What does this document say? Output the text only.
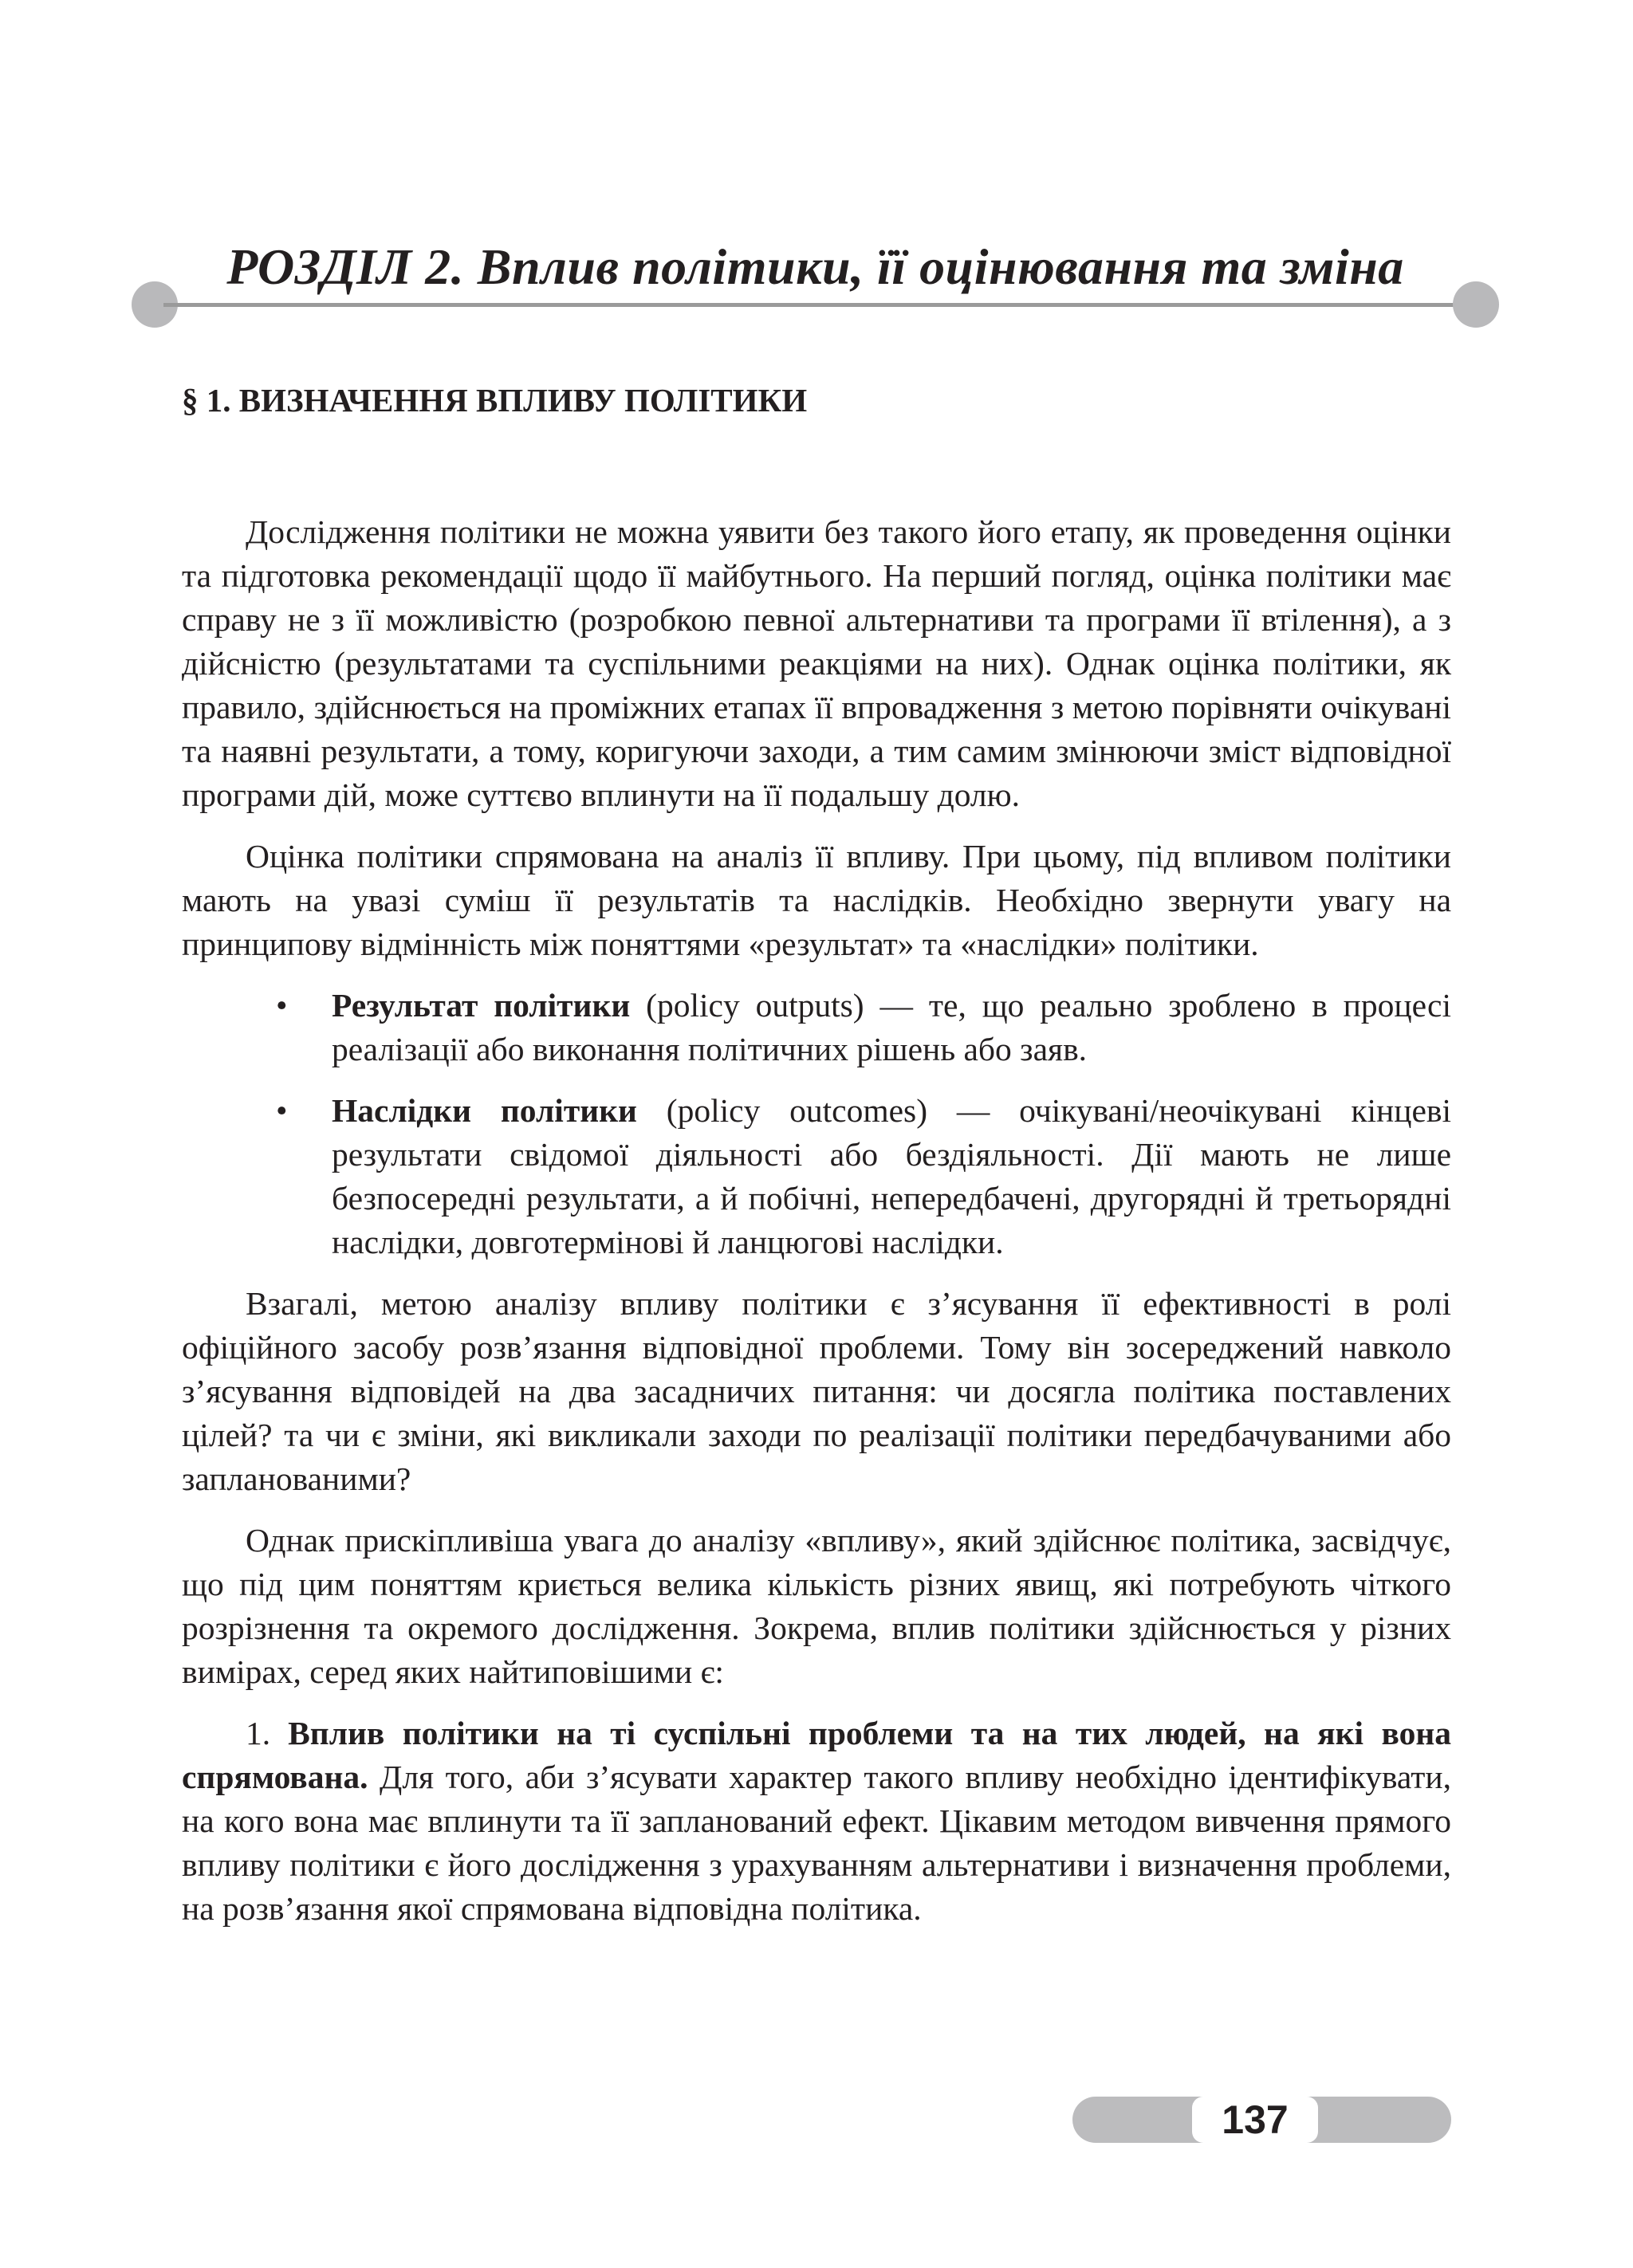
РОЗДІЛ 2. Вплив політики, її оцінювання та зміна
§ 1. ВИЗНАЧЕННЯ ВПЛИВУ ПОЛІТИКИ

Дослідження політики не можна уявити без такого його етапу, як проведення оцінки та підготовка рекомендації щодо її майбутнього. На перший погляд, оцінка політики має справу не з її можливістю (розробкою певної альтернативи та програми її втілення), а з дійсністю (результатами та суспільними реакціями на них). Однак оцінка політики, як правило, здійснюється на проміжних етапах її впровадження з метою порівняти очікувані та наявні результати, а тому, коригуючи заходи, а тим самим змінюючи зміст відповідної програми дій, може суттєво вплинути на її подальшу долю.

Оцінка політики спрямована на аналіз її впливу. При цьому, під впливом політики мають на увазі суміш її результатів та наслідків. Необхідно звернути увагу на принципову відмінність між поняттями «результат» та «наслідки» політики.

• Результат політики (policy outputs) — те, що реально зроблено в процесі реалізації або виконання політичних рішень або заяв.
• Наслідки політики (policy outcomes) — очікувані/неочікувані кінцеві результати свідомої діяльності або бездіяльності. Дії мають не лише безпосередні результати, а й побічні, непередбачені, другорядні й третьорядні наслідки, довготермінові й ланцюгові наслідки.

Взагалі, метою аналізу впливу політики є з’ясування її ефективності в ролі офіційного засобу розв’язання відповідної проблеми. Тому він зосереджений навколо з’ясування відповідей на два засадничих питання: чи досягла політика поставлених цілей? та чи є зміни, які викликали заходи по реалізації політики передбачуваними або запланованими?

Однак прискіпливіша увага до аналізу «впливу», який здійснює політика, засвідчує, що під цим поняттям криється велика кількість різних явищ, які потребують чіткого розрізнення та окремого дослідження. Зокрема, вплив політики здійснюється у різних вимірах, серед яких найтиповішими є:

1. Вплив політики на ті суспільні проблеми та на тих людей, на які вона спрямована. Для того, аби з’ясувати характер такого впливу необхідно ідентифікувати, на кого вона має вплинути та її запланований ефект. Цікавим методом вивчення прямого впливу політики є його дослідження з урахуванням альтернативи і визначення проблеми, на розв’язання якої спрямована відповідна політика.

137
